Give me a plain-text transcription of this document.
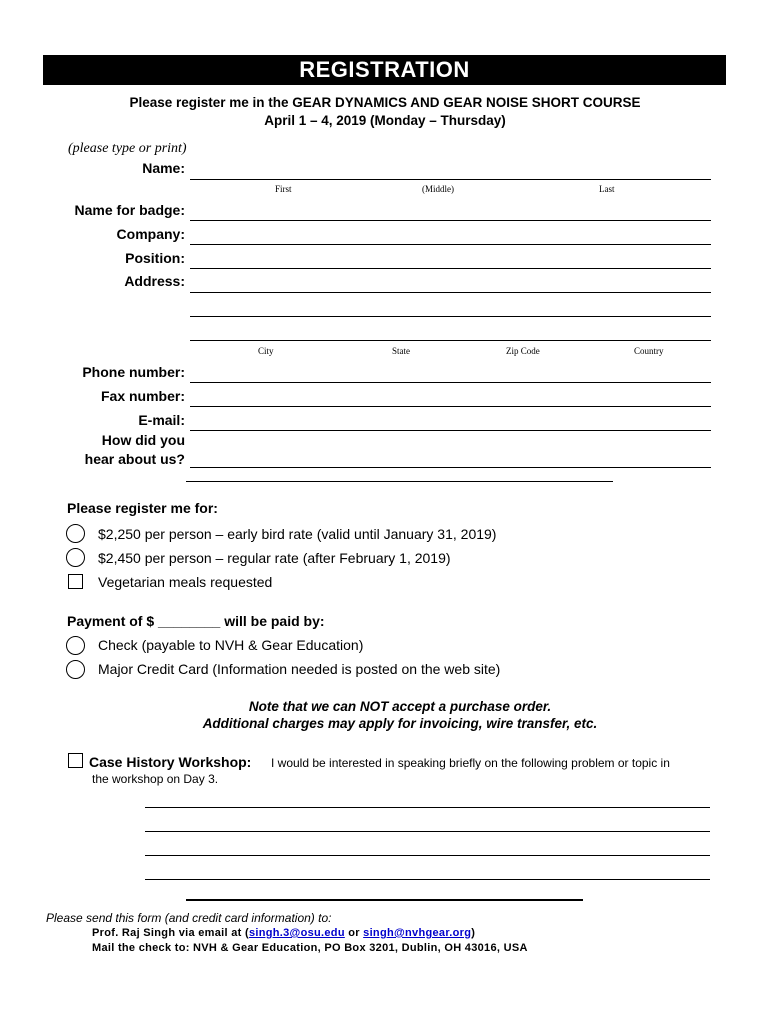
REGISTRATION
Please register me in the GEAR DYNAMICS AND GEAR NOISE SHORT COURSE
April 1 – 4, 2019 (Monday – Thursday)
(please type or print)
Name:
First	(Middle)	Last
Name for badge:
Company:
Position:
Address:
City	State	Zip Code	Country
Phone number:
Fax number:
E-mail:
How did you
hear about us?
Please register me for:
$2,250 per person – early bird rate (valid until January 31, 2019)
$2,450 per person – regular rate (after February 1, 2019)
Vegetarian meals requested
Payment of $ ________ will be paid by:
Check (payable to NVH & Gear Education)
Major Credit Card (Information needed is posted on the web site)
Note that we can NOT accept a purchase order.
Additional charges may apply for invoicing, wire transfer, etc.
Case History Workshop: I would be interested in speaking briefly on the following problem or topic in
the workshop on Day 3.
Please send this form (and credit card information) to:
Prof. Raj Singh via email at (singh.3@osu.edu or singh@nvhgear.org)
Mail the check to: NVH & Gear Education, PO Box 3201, Dublin, OH 43016, USA
